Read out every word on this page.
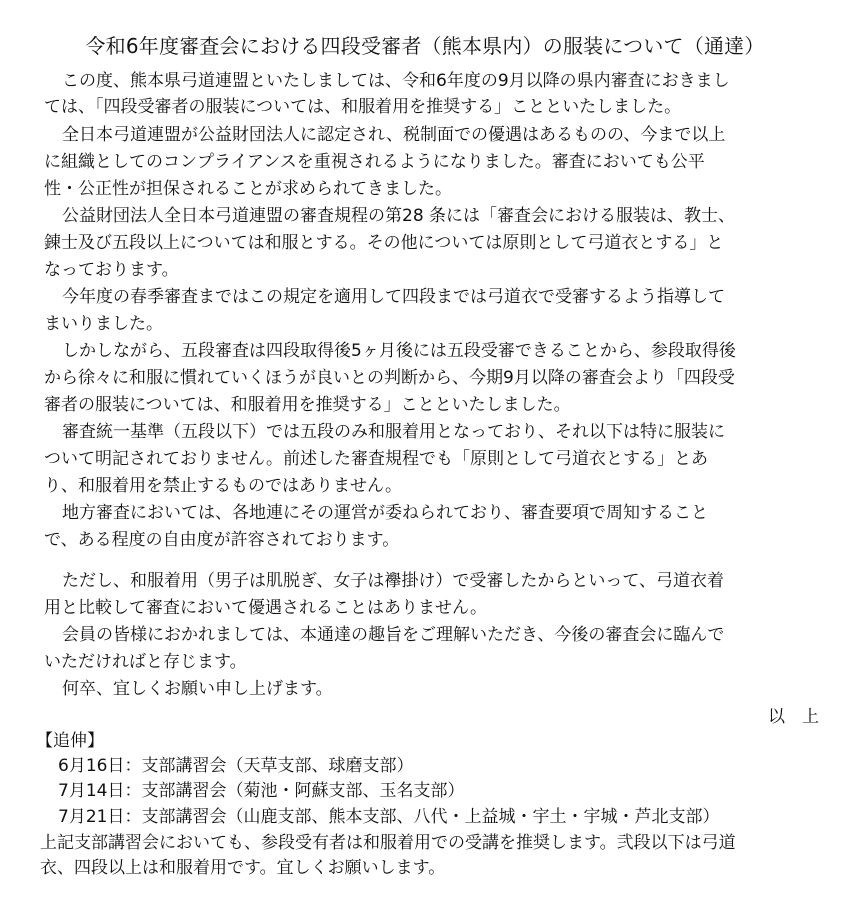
令和6年度審査会における四段受審者（熊本県内）の服装について（通達）
この度、熊本県弓道連盟といたしましては、令和6年度の9月以降の県内審査におきまし
ては、「四段受審者の服装については、和服着用を推奨する」ことといたしました。
全日本弓道連盟が公益財団法人に認定され、税制面での優遇はあるものの、今まで以上
に組織としてのコンプライアンスを重視されるようになりました。審査においても公平
性・公正性が担保されることが求められてきました。
公益財団法人全日本弓道連盟の審査規程の第28 条には「審査会における服装は、教士、
錬士及び五段以上については和服とする。その他については原則として弓道衣とする」と
なっております。
今年度の春季審査まではこの規定を適用して四段までは弓道衣で受審するよう指導して
まいりました。
しかしながら、五段審査は四段取得後5ヶ月後には五段受審できることから、参段取得後
から徐々に和服に慣れていくほうが良いとの判断から、今期9月以降の審査会より「四段受
審者の服装については、和服着用を推奨する」ことといたしました。
審査統一基準（五段以下）では五段のみ和服着用となっており、それ以下は特に服装に
ついて明記されておりません。前述した審査規程でも「原則として弓道衣とする」とあ
り、和服着用を禁止するものではありません。
地方審査においては、各地連にその運営が委ねられており、審査要項で周知すること
で、ある程度の自由度が許容されております。
ただし、和服着用（男子は肌脱ぎ、女子は襷掛け）で受審したからといって、弓道衣着
用と比較して審査において優遇されることはありません。
会員の皆様におかれましては、本通達の趣旨をご理解いただき、今後の審査会に臨んで
いただければと存じます。
何卒、宜しくお願い申し上げます。
以　上
【追伸】
6月16日：支部講習会（天草支部、球磨支部）
7月14日：支部講習会（菊池・阿蘇支部、玉名支部）
7月21日：支部講習会（山鹿支部、熊本支部、八代・上益城・宇土・宇城・芦北支部）
上記支部講習会においても、参段受有者は和服着用での受講を推奨します。弐段以下は弓道
衣、四段以上は和服着用です。宜しくお願いします。
